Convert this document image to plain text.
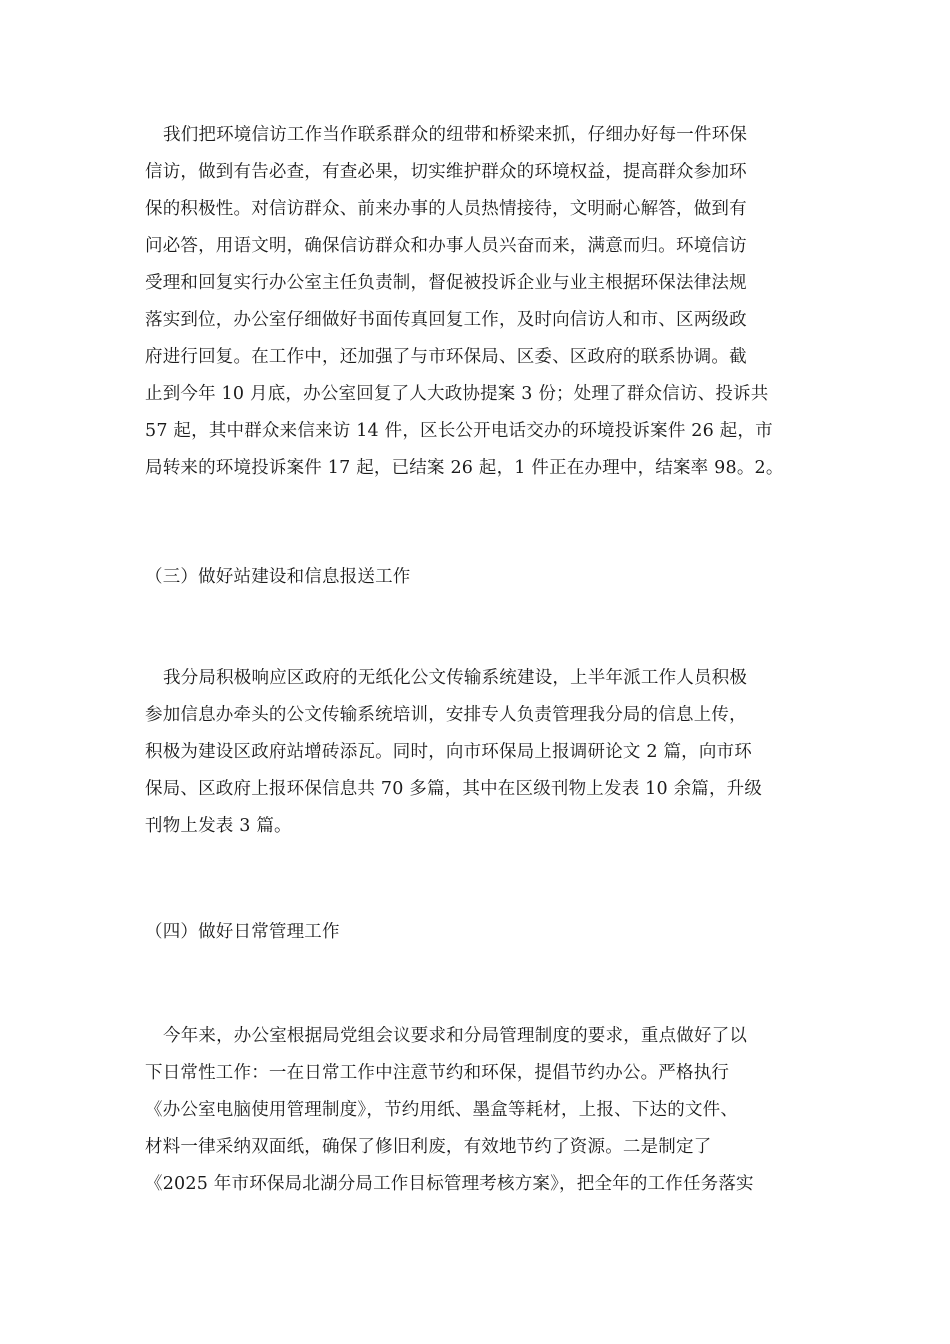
我们把环境信访工作当作联系群众的纽带和桥梁来抓，仔细办好每一件环保
信访，做到有告必查，有查必果，切实维护群众的环境权益，提高群众参加环
保的积极性。对信访群众、前来办事的人员热情接待，文明耐心解答，做到有
问必答，用语文明，确保信访群众和办事人员兴奋而来，满意而归。环境信访
受理和回复实行办公室主任负责制，督促被投诉企业与业主根据环保法律法规
落实到位，办公室仔细做好书面传真回复工作，及时向信访人和市、区两级政
府进行回复。在工作中，还加强了与市环保局、区委、区政府的联系协调。截
止到今年 10 月底，办公室回复了人大政协提案 3 份；处理了群众信访、投诉共
57 起，其中群众来信来访 14 件，区长公开电话交办的环境投诉案件 26 起，市
局转来的环境投诉案件 17 起，已结案 26 起，1 件正在办理中，结案率 98。2。
（三）做好站建设和信息报送工作
我分局积极响应区政府的无纸化公文传输系统建设，上半年派工作人员积极
参加信息办牵头的公文传输系统培训，安排专人负责管理我分局的信息上传，
积极为建设区政府站增砖添瓦。同时，向市环保局上报调研论文 2 篇，向市环
保局、区政府上报环保信息共 70 多篇，其中在区级刊物上发表 10 余篇，升级
刊物上发表 3 篇。
（四）做好日常管理工作
今年来，办公室根据局党组会议要求和分局管理制度的要求，重点做好了以
下日常性工作：一在日常工作中注意节约和环保，提倡节约办公。严格执行
《办公室电脑使用管理制度》，节约用纸、墨盒等耗材，上报、下达的文件、
材料一律采纳双面纸，确保了修旧利废，有效地节约了资源。二是制定了
《2025 年市环保局北湖分局工作目标管理考核方案》，把全年的工作任务落实
